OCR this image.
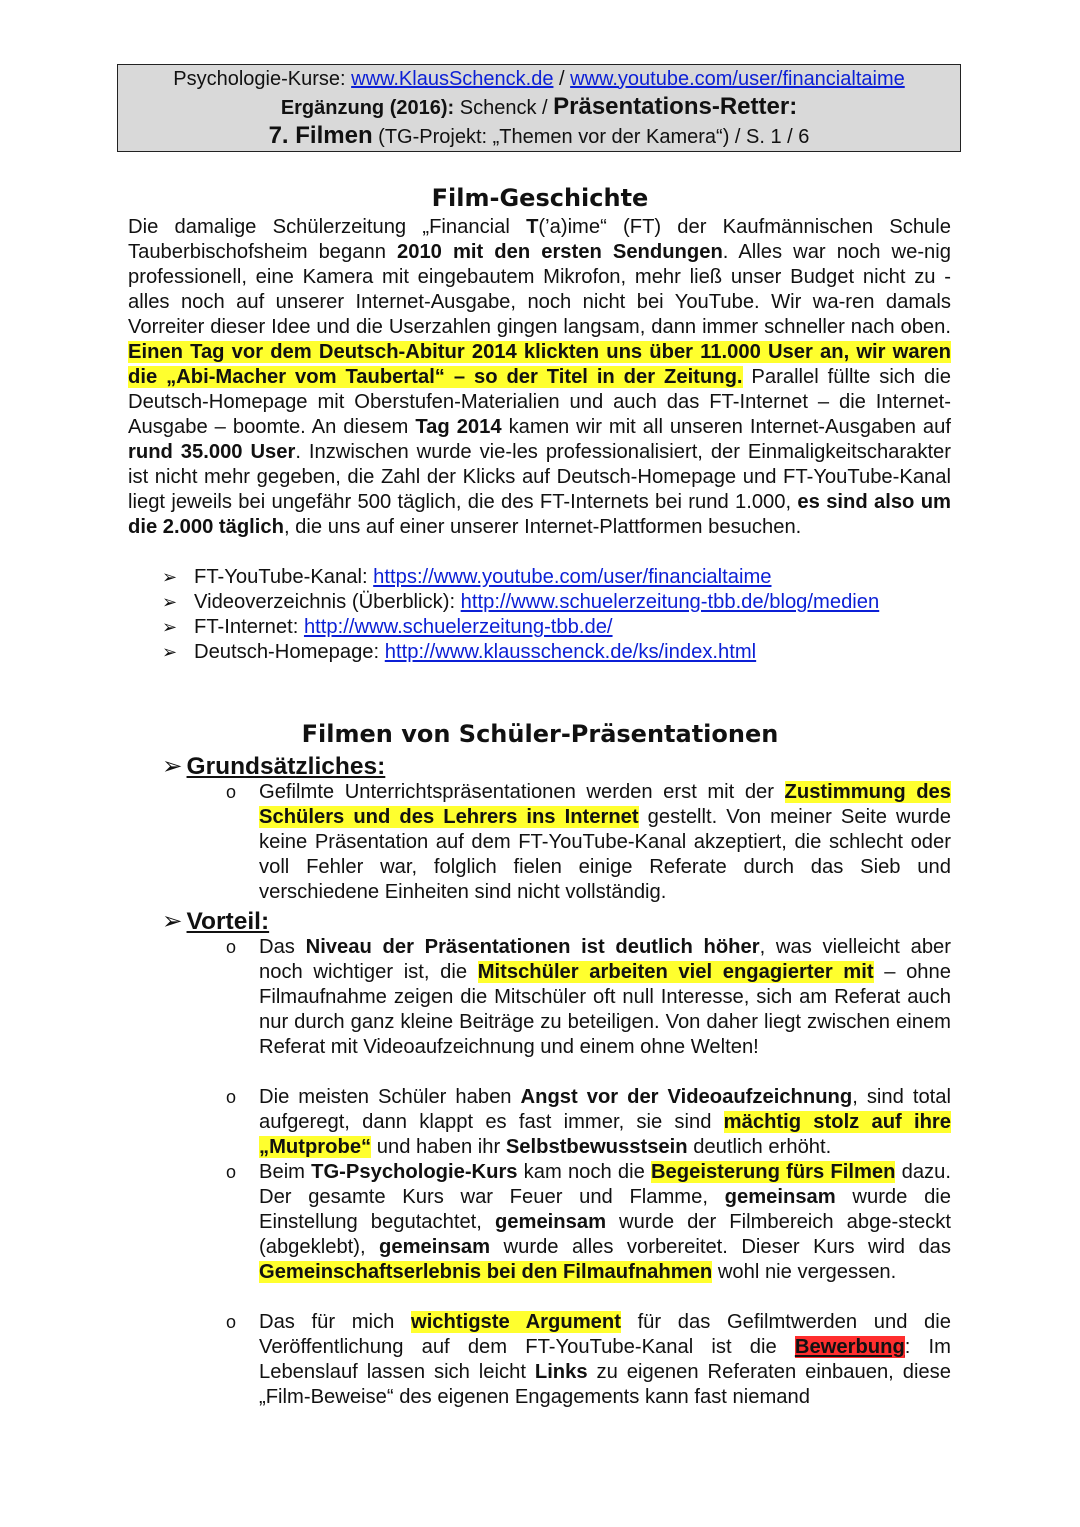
Psychologie-Kurse: www.KlausSchenck.de / www.youtube.com/user/financialtaime
Ergänzung (2016): Schenck / Präsentations-Retter:
7. Filmen (TG-Projekt: „Themen vor der Kamera“) / S. 1 / 6
Film-Geschichte
Die damalige Schülerzeitung „Financial T(’a)ime“ (FT) der Kaufmännischen Schule Tauberbischofsheim begann 2010 mit den ersten Sendungen. Alles war noch we-nig professionell, eine Kamera mit eingebautem Mikrofon, mehr ließ unser Budget nicht zu - alles noch auf unserer Internet-Ausgabe, noch nicht bei YouTube. Wir wa-ren damals Vorreiter dieser Idee und die Userzahlen gingen langsam, dann immer schneller nach oben. Einen Tag vor dem Deutsch-Abitur 2014 klickten uns über 11.000 User an, wir waren die „Abi-Macher vom Taubertal“ – so der Titel in der Zeitung. Parallel füllte sich die Deutsch-Homepage mit Oberstufen-Materialien und auch das FT-Internet – die Internet-Ausgabe – boomte. An diesem Tag 2014 kamen wir mit all unseren Internet-Ausgaben auf rund 35.000 User. Inzwischen wurde vie-les professionalisiert, der Einmaligkeitscharakter ist nicht mehr gegeben, die Zahl der Klicks auf Deutsch-Homepage und FT-YouTube-Kanal liegt jeweils bei ungefähr 500 täglich, die des FT-Internets bei rund 1.000, es sind also um die 2.000 täglich, die uns auf einer unserer Internet-Plattformen besuchen.
➢ FT-YouTube-Kanal: https://www.youtube.com/user/financialtaime
➢ Videoverzeichnis (Überblick): http://www.schuelerzeitung-tbb.de/blog/medien
➢ FT-Internet: http://www.schuelerzeitung-tbb.de/
➢ Deutsch-Homepage: http://www.klausschenck.de/ks/index.html
Filmen von Schüler-Präsentationen
➢ Grundsätzliches:
o Gefilmte Unterrichtspräsentationen werden erst mit der Zustimmung des Schülers und des Lehrers ins Internet gestellt. Von meiner Seite wurde keine Präsentation auf dem FT-YouTube-Kanal akzeptiert, die schlecht oder voll Fehler war, folglich fielen einige Referate durch das Sieb und verschiedene Einheiten sind nicht vollständig.
➢ Vorteil:
o Das Niveau der Präsentationen ist deutlich höher, was vielleicht aber noch wichtiger ist, die Mitschüler arbeiten viel engagierter mit – ohne Filmaufnahme zeigen die Mitschüler oft null Interesse, sich am Referat auch nur durch ganz kleine Beiträge zu beteiligen. Von daher liegt zwischen einem Referat mit Videoaufzeichnung und einem ohne Welten!
o Die meisten Schüler haben Angst vor der Videoaufzeichnung, sind total aufgeregt, dann klappt es fast immer, sie sind mächtig stolz auf ihre „Mutprobe“ und haben ihr Selbstbewusstsein deutlich erhöht.
o Beim TG-Psychologie-Kurs kam noch die Begeisterung fürs Filmen dazu. Der gesamte Kurs war Feuer und Flamme, gemeinsam wurde die Einstellung begutachtet, gemeinsam wurde der Filmbereich abge-steckt (abgeklebt), gemeinsam wurde alles vorbereitet. Dieser Kurs wird das Gemeinschaftserlebnis bei den Filmaufnahmen wohl nie vergessen.
o Das für mich wichtigste Argument für das Gefilmtwerden und die Veröffentlichung auf dem FT-YouTube-Kanal ist die Bewerbung: Im Lebenslauf lassen sich leicht Links zu eigenen Referaten einbauen, diese „Film-Beweise“ des eigenen Engagements kann fast niemand
